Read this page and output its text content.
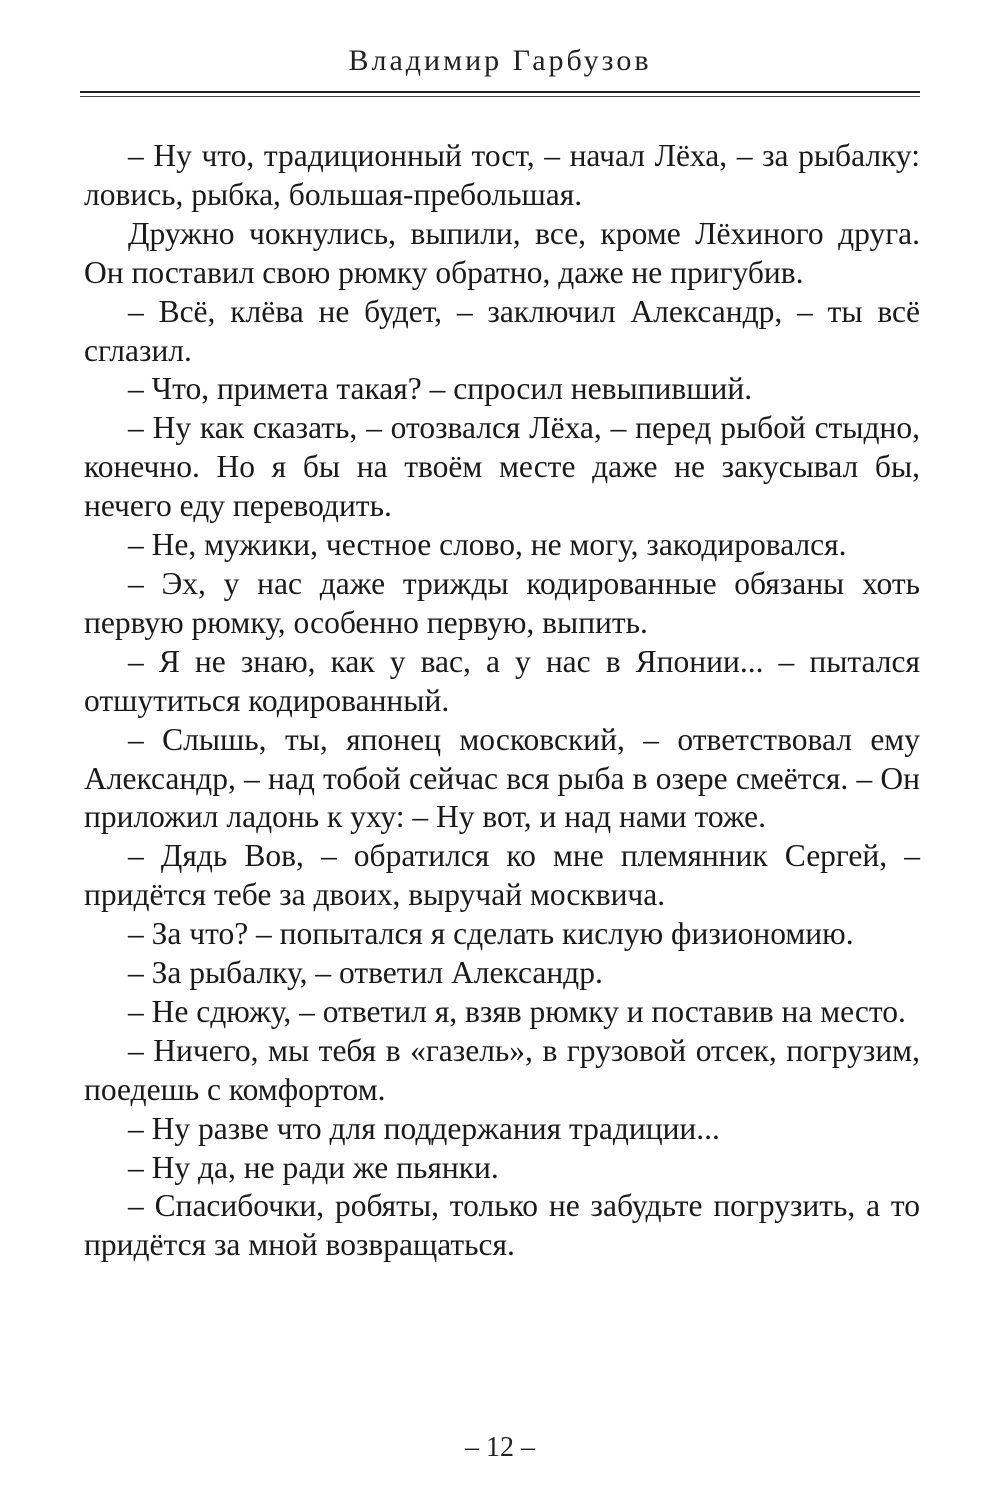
Владимир Гарбузов

– Ну что, традиционный тост, – начал Лёха, – за рыбалку: ловись, рыбка, большая-пребольшая.

Дружно чокнулись, выпили, все, кроме Лёхиного друга. Он поставил свою рюмку обратно, даже не пригубив.

– Всё, клёва не будет, – заключил Александр, – ты всё сглазил.

– Что, примета такая? – спросил невыпивший.

– Ну как сказать, – отозвался Лёха, – перед рыбой стыдно, конечно. Но я бы на твоём месте даже не закусывал бы, нечего еду переводить.

– Не, мужики, честное слово, не могу, закодировался.

– Эх, у нас даже трижды кодированные обязаны хоть первую рюмку, особенно первую, выпить.

– Я не знаю, как у вас, а у нас в Японии... – пытался отшутиться кодированный.

– Слышь, ты, японец московский, – ответствовал ему Александр, – над тобой сейчас вся рыба в озере смеётся. – Он приложил ладонь к уху: – Ну вот, и над нами тоже.

– Дядь Вов, – обратился ко мне племянник Сергей, – придётся тебе за двоих, выручай москвича.

– За что? – попытался я сделать кислую физиономию.

– За рыбалку, – ответил Александр.

– Не сдюжу, – ответил я, взяв рюмку и поставив на место.

– Ничего, мы тебя в «газель», в грузовой отсек, погрузим, поедешь с комфортом.

– Ну разве что для поддержания традиции...

– Ну да, не ради же пьянки.

– Спасибочки, робяты, только не забудьте погрузить, а то придётся за мной возвращаться.

– 12 –
